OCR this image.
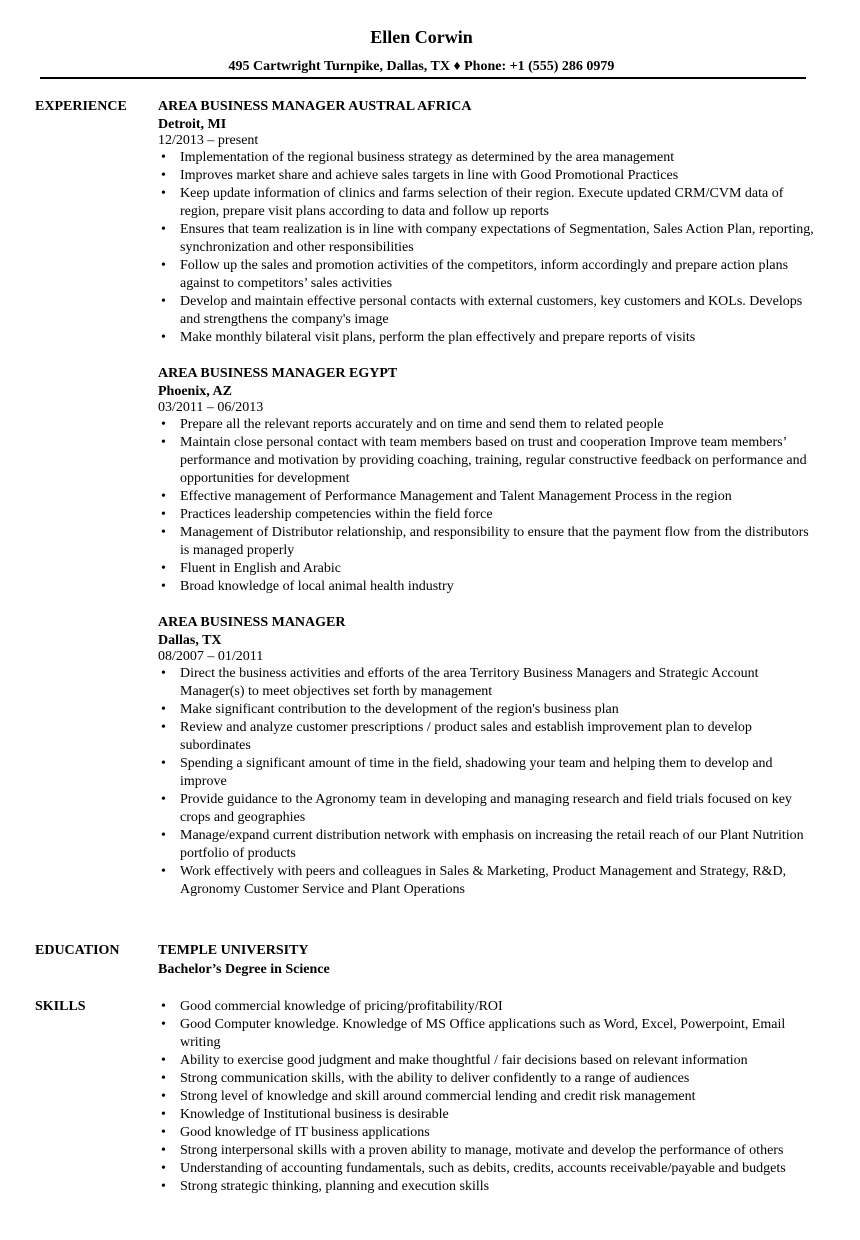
Ellen Corwin
495 Cartwright Turnpike, Dallas, TX ♦ Phone: +1 (555) 286 0979
EXPERIENCE	AREA BUSINESS MANAGER AUSTRAL AFRICA
Detroit, MI
12/2013 – present
• Implementation of the regional business strategy as determined by the area management
• Improves market share and achieve sales targets in line with Good Promotional Practices
• Keep update information of clinics and farms selection of their region. Execute updated CRM/CVM data of region, prepare visit plans according to data and follow up reports
• Ensures that team realization is in line with company expectations of Segmentation, Sales Action Plan, reporting, synchronization and other responsibilities
• Follow up the sales and promotion activities of the competitors, inform accordingly and prepare action plans against to competitors’ sales activities
• Develop and maintain effective personal contacts with external customers, key customers and KOLs. Develops and strengthens the company's image
• Make monthly bilateral visit plans, perform the plan effectively and prepare reports of visits
AREA BUSINESS MANAGER EGYPT
Phoenix, AZ
03/2011 – 06/2013
• Prepare all the relevant reports accurately and on time and send them to related people
• Maintain close personal contact with team members based on trust and cooperation Improve team members’ performance and motivation by providing coaching, training, regular constructive feedback on performance and opportunities for development
• Effective management of Performance Management and Talent Management Process in the region
• Practices leadership competencies within the field force
• Management of Distributor relationship, and responsibility to ensure that the payment flow from the distributors is managed properly
• Fluent in English and Arabic
• Broad knowledge of local animal health industry
AREA BUSINESS MANAGER
Dallas, TX
08/2007 – 01/2011
• Direct the business activities and efforts of the area Territory Business Managers and Strategic Account Manager(s) to meet objectives set forth by management
• Make significant contribution to the development of the region's business plan
• Review and analyze customer prescriptions / product sales and establish improvement plan to develop subordinates
• Spending a significant amount of time in the field, shadowing your team and helping them to develop and improve
• Provide guidance to the Agronomy team in developing and managing research and field trials focused on key crops and geographies
• Manage/expand current distribution network with emphasis on increasing the retail reach of our Plant Nutrition portfolio of products
• Work effectively with peers and colleagues in Sales & Marketing, Product Management and Strategy, R&D, Agronomy Customer Service and Plant Operations
EDUCATION	TEMPLE UNIVERSITY
Bachelor’s Degree in Science
SKILLS	• Good commercial knowledge of pricing/profitability/ROI
• Good Computer knowledge. Knowledge of MS Office applications such as Word, Excel, Powerpoint, Email writing
• Ability to exercise good judgment and make thoughtful / fair decisions based on relevant information
• Strong communication skills, with the ability to deliver confidently to a range of audiences
• Strong level of knowledge and skill around commercial lending and credit risk management
• Knowledge of Institutional business is desirable
• Good knowledge of IT business applications
• Strong interpersonal skills with a proven ability to manage, motivate and develop the performance of others
• Understanding of accounting fundamentals, such as debits, credits, accounts receivable/payable and budgets
• Strong strategic thinking, planning and execution skills
